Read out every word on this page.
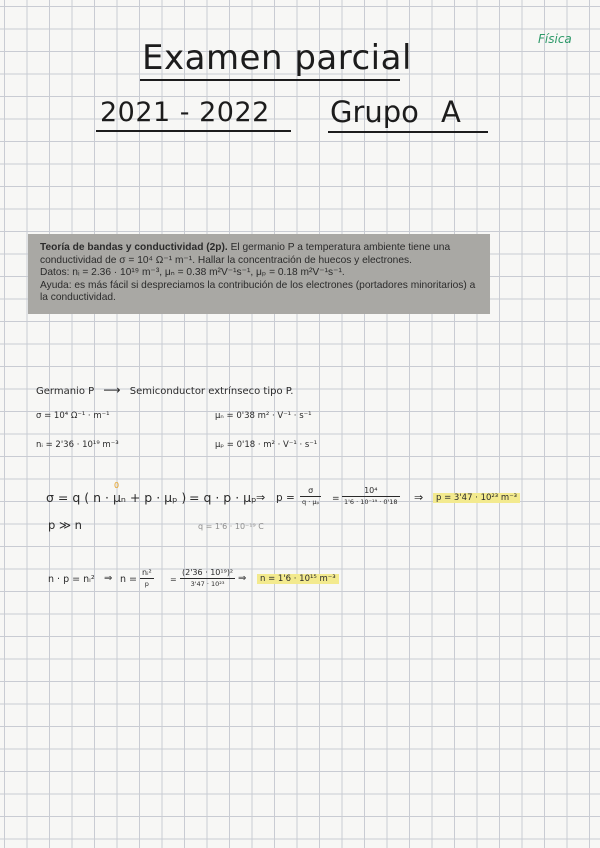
Física
Examen parcial
2021 - 2022 Grupo A

Teoría de bandas y conductividad (2p). El germanio P a temperatura ambiente tiene una conductividad de σ = 10⁴ Ω⁻¹ m⁻¹. Hallar la concentración de huecos y electrones.

Datos: nᵢ = 2.36 · 10¹⁹ m⁻³, μₙ = 0.38 m²V⁻¹s⁻¹, μₚ = 0.18 m²V⁻¹s⁻¹.

Ayuda: es más fácil si despreciamos la contribución de los electrones (portadores minoritarios) a la conductividad.

Germanio P ⟶ Semiconductor extrínseco tipo P.
σ = 10⁴ Ω⁻¹ · m⁻¹	μₙ = 0'38 m² · V⁻¹ · s⁻¹
nᵢ = 2'36 · 10¹⁹ m⁻³	μₚ = 0'18 · m² · V⁻¹ · s⁻¹
σ = q ( n · μₙ + p · μₚ )
0
= q · p · μₚ ⇒ p =
σ
q · μₚ =
10⁴
1'6 · 10⁻¹⁹ · 0'18 ⇒	p = 3'47 · 10²³ m⁻³
p ≫ n	q = 1'6 · 10⁻¹⁹ C
n · p = nᵢ² ⇒ n =
nᵢ²
p	=
(2'36 · 10¹⁹)²
3'47 · 10²³	⇒	n = 1'6 · 10¹⁵ m⁻³
